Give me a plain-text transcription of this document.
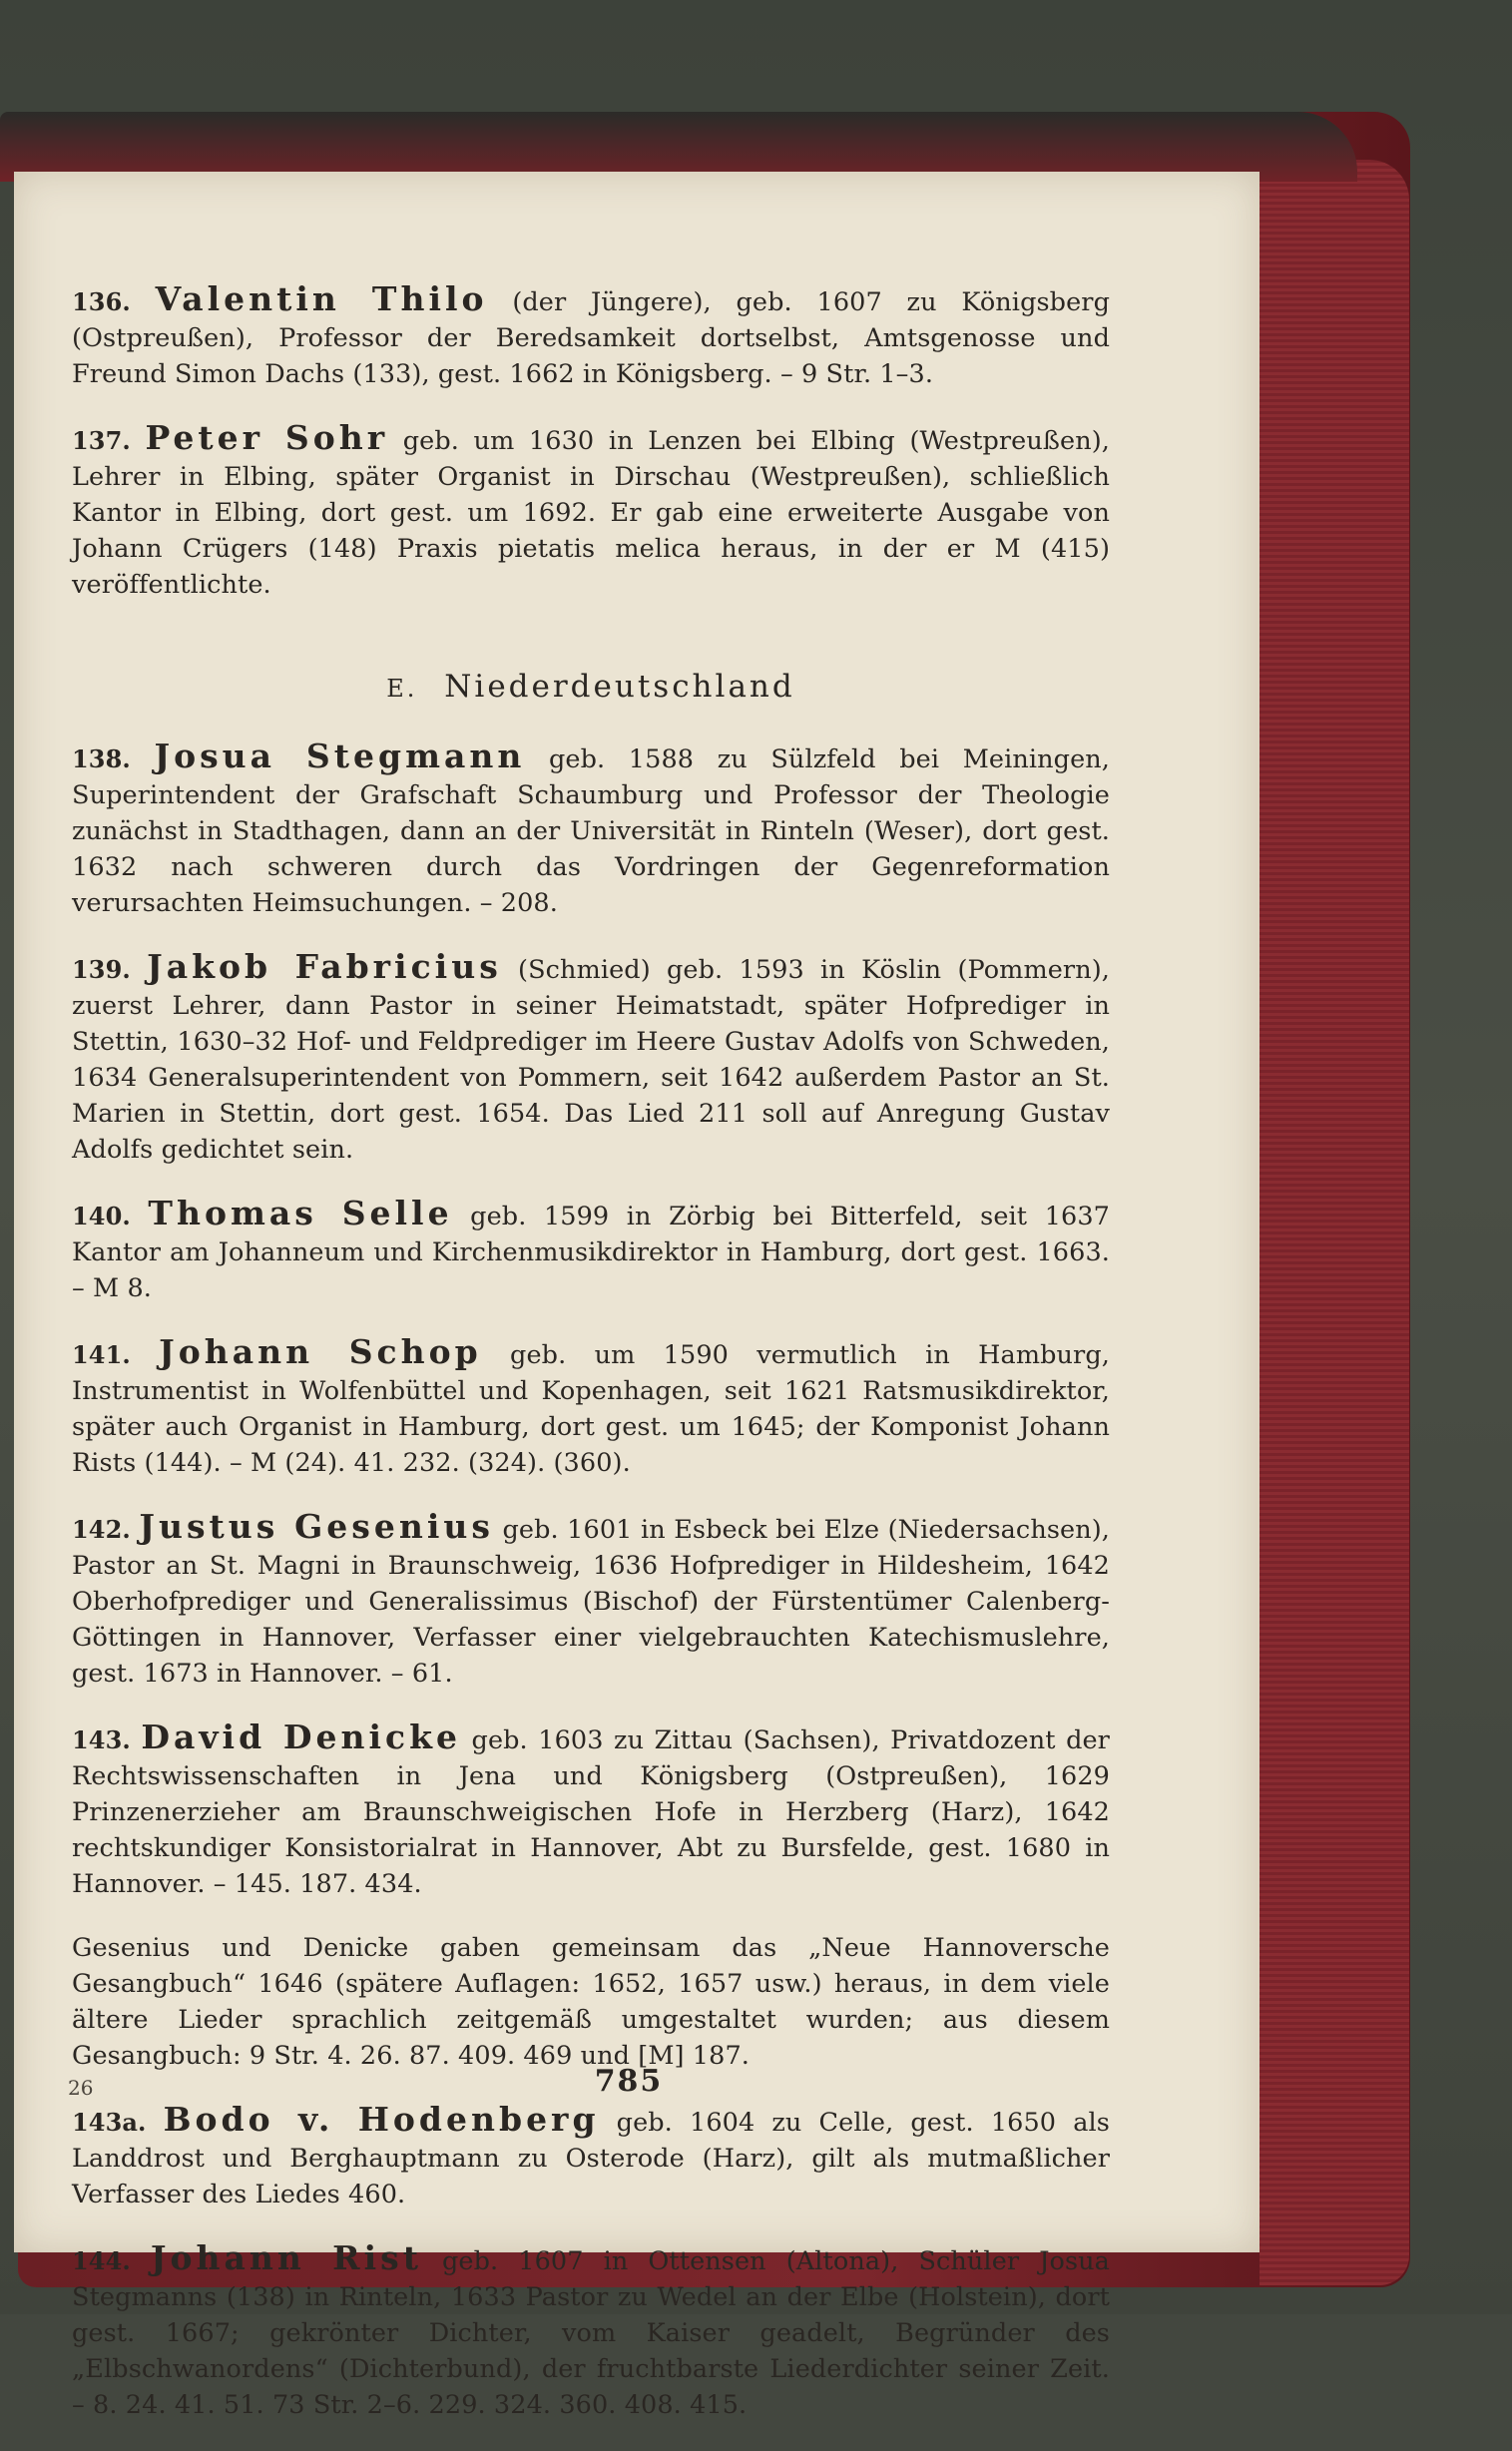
136. Valentin Thilo (der Jüngere), geb. 1607 zu Königsberg (Ostpreußen), Professor der Beredsamkeit dortselbst, Amtsgenosse und Freund Simon Dachs (133), gest. 1662 in Königsberg. – 9 Str. 1–3.

137. Peter Sohr geb. um 1630 in Lenzen bei Elbing (Westpreußen), Lehrer in Elbing, später Organist in Dirschau (Westpreußen), schließlich Kantor in Elbing, dort gest. um 1692. Er gab eine erweiterte Ausgabe von Johann Crügers (148) Praxis pietatis melica heraus, in der er M (415) veröffentlichte.

E. Niederdeutschland

138. Josua Stegmann geb. 1588 zu Sülzfeld bei Meiningen, Superintendent der Grafschaft Schaumburg und Professor der Theologie zunächst in Stadthagen, dann an der Universität in Rinteln (Weser), dort gest. 1632 nach schweren durch das Vordringen der Gegenreformation verursachten Heimsuchungen. – 208.

139. Jakob Fabricius (Schmied) geb. 1593 in Köslin (Pommern), zuerst Lehrer, dann Pastor in seiner Heimatstadt, später Hofprediger in Stettin, 1630–32 Hof- und Feldprediger im Heere Gustav Adolfs von Schweden, 1634 Generalsuperintendent von Pommern, seit 1642 außerdem Pastor an St. Marien in Stettin, dort gest. 1654. Das Lied 211 soll auf Anregung Gustav Adolfs gedichtet sein.

140. Thomas Selle geb. 1599 in Zörbig bei Bitterfeld, seit 1637 Kantor am Johanneum und Kirchenmusikdirektor in Hamburg, dort gest. 1663. – M 8.

141. Johann Schop geb. um 1590 vermutlich in Hamburg, Instrumentist in Wolfenbüttel und Kopenhagen, seit 1621 Ratsmusikdirektor, später auch Organist in Hamburg, dort gest. um 1645; der Komponist Johann Rists (144). – M (24). 41. 232. (324). (360).

142. Justus Gesenius geb. 1601 in Esbeck bei Elze (Niedersachsen), Pastor an St. Magni in Braunschweig, 1636 Hofprediger in Hildesheim, 1642 Oberhofprediger und Generalissimus (Bischof) der Fürstentümer Calenberg-Göttingen in Hannover, Verfasser einer vielgebrauchten Katechismuslehre, gest. 1673 in Hannover. – 61.

143. David Denicke geb. 1603 zu Zittau (Sachsen), Privatdozent der Rechtswissenschaften in Jena und Königsberg (Ostpreußen), 1629 Prinzenerzieher am Braunschweigischen Hofe in Herzberg (Harz), 1642 rechtskundiger Konsistorialrat in Hannover, Abt zu Bursfelde, gest. 1680 in Hannover. – 145. 187. 434.

Gesenius und Denicke gaben gemeinsam das „Neue Hannoversche Gesangbuch“ 1646 (spätere Auflagen: 1652, 1657 usw.) heraus, in dem viele ältere Lieder sprachlich zeitgemäß umgestaltet wurden; aus diesem Gesangbuch: 9 Str. 4. 26. 87. 409. 469 und [M] 187.

143a. Bodo v. Hodenberg geb. 1604 zu Celle, gest. 1650 als Landdrost und Berghauptmann zu Osterode (Harz), gilt als mutmaßlicher Verfasser des Liedes 460.

144. Johann Rist geb. 1607 in Ottensen (Altona), Schüler Josua Stegmanns (138) in Rinteln, 1633 Pastor zu Wedel an der Elbe (Holstein), dort gest. 1667; gekrönter Dichter, vom Kaiser geadelt, Begründer des „Elbschwanordens“ (Dichterbund), der fruchtbarste Liederdichter seiner Zeit. – 8. 24. 41. 51. 73 Str. 2–6. 229. 324. 360. 408. 415.

26	785
